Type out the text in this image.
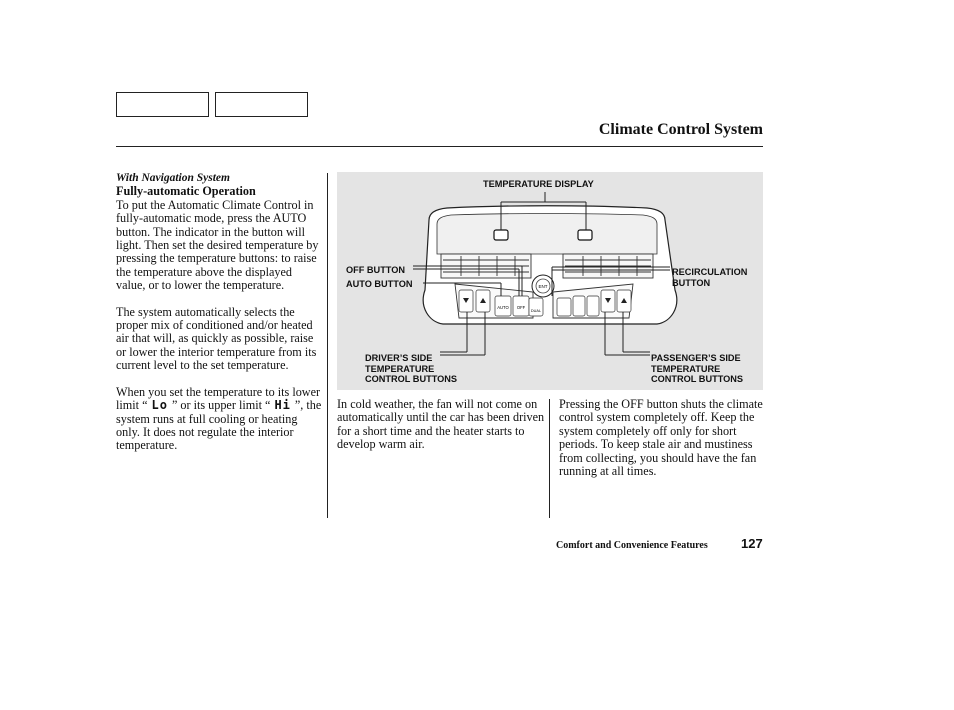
Climate Control System

With Navigation System

Fully-automatic Operation

To put the Automatic Climate Control in fully-automatic mode, press the AUTO button. The indicator in the button will light. Then set the desired temperature by pressing the temperature buttons: to raise the temperature above the displayed value, or to lower the temperature.

The system automatically selects the proper mix of conditioned and/or heated air that will, as quickly as possible, raise or lower the interior temperature from its current level to the set temperature.

When you set the temperature to its lower limit “ Lo ” or its upper limit “ Hi ”, the system runs at full cooling or heating only. It does not regulate the interior temperature.

ENT
AUTO OFF
DUAL
TEMPERATURE DISPLAY
OFF BUTTON
AUTO BUTTON
RECIRCULATION
BUTTON
DRIVER’S SIDE
TEMPERATURE
CONTROL BUTTONS
PASSENGER’S SIDE
TEMPERATURE
CONTROL BUTTONS

In cold weather, the fan will not come on automatically until the car has been driven for a short time and the heater starts to develop warm air.

Pressing the OFF button shuts the climate control system completely off. Keep the system completely off only for short periods. To keep stale air and mustiness from collecting, you should have the fan running at all times.

Comfort and Convenience Features	127
